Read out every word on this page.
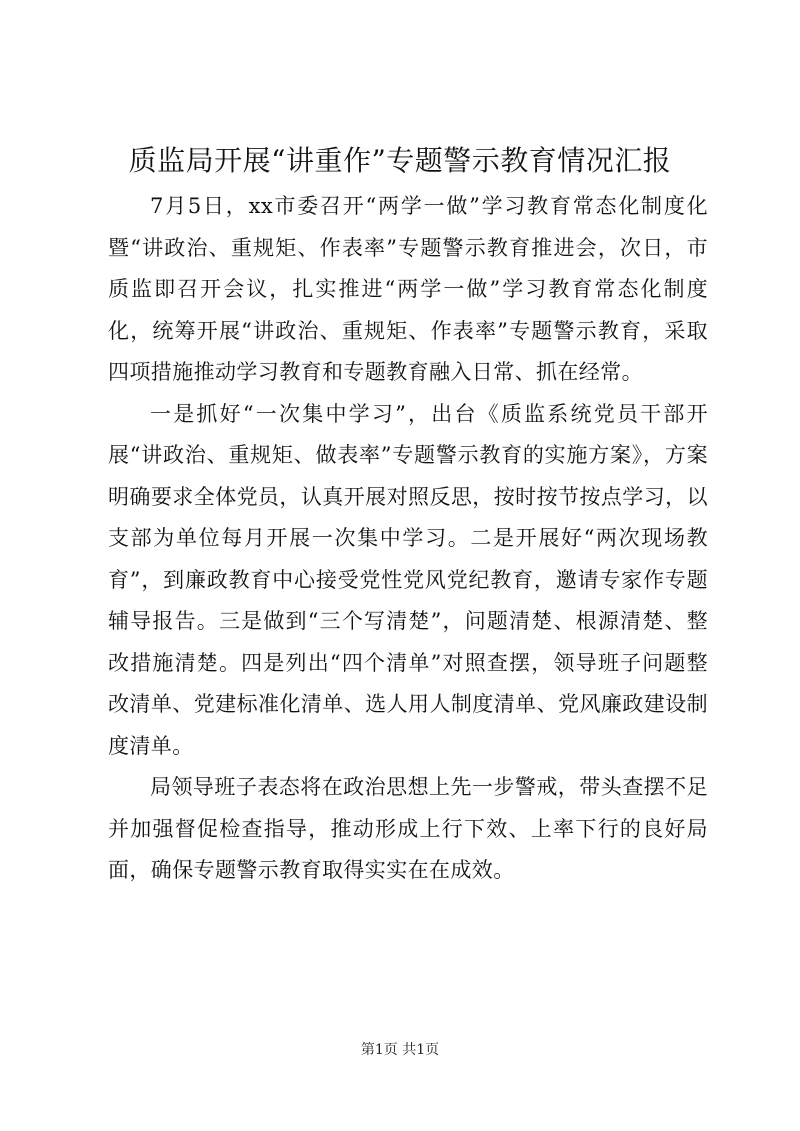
质监局开展“讲重作”专题警示教育情况汇报

7月5日，xx市委召开“两学一做”学习教育常态化制度化暨“讲政治、重规矩、作表率”专题警示教育推进会，次日，市质监即召开会议，扎实推进“两学一做”学习教育常态化制度化，统筹开展“讲政治、重规矩、作表率”专题警示教育，采取四项措施推动学习教育和专题教育融入日常、抓在经常。

一是抓好“一次集中学习”，出台《质监系统党员干部开展“讲政治、重规矩、做表率”专题警示教育的实施方案》，方案明确要求全体党员，认真开展对照反思，按时按节按点学习，以支部为单位每月开展一次集中学习。二是开展好“两次现场教育”，到廉政教育中心接受党性党风党纪教育，邀请专家作专题辅导报告。三是做到“三个写清楚”，问题清楚、根源清楚、整改措施清楚。四是列出“四个清单”对照查摆，领导班子问题整改清单、党建标准化清单、选人用人制度清单、党风廉政建设制度清单。

局领导班子表态将在政治思想上先一步警戒，带头查摆不足并加强督促检查指导，推动形成上行下效、上率下行的良好局面，确保专题警示教育取得实实在在成效。

第1页 共1页
